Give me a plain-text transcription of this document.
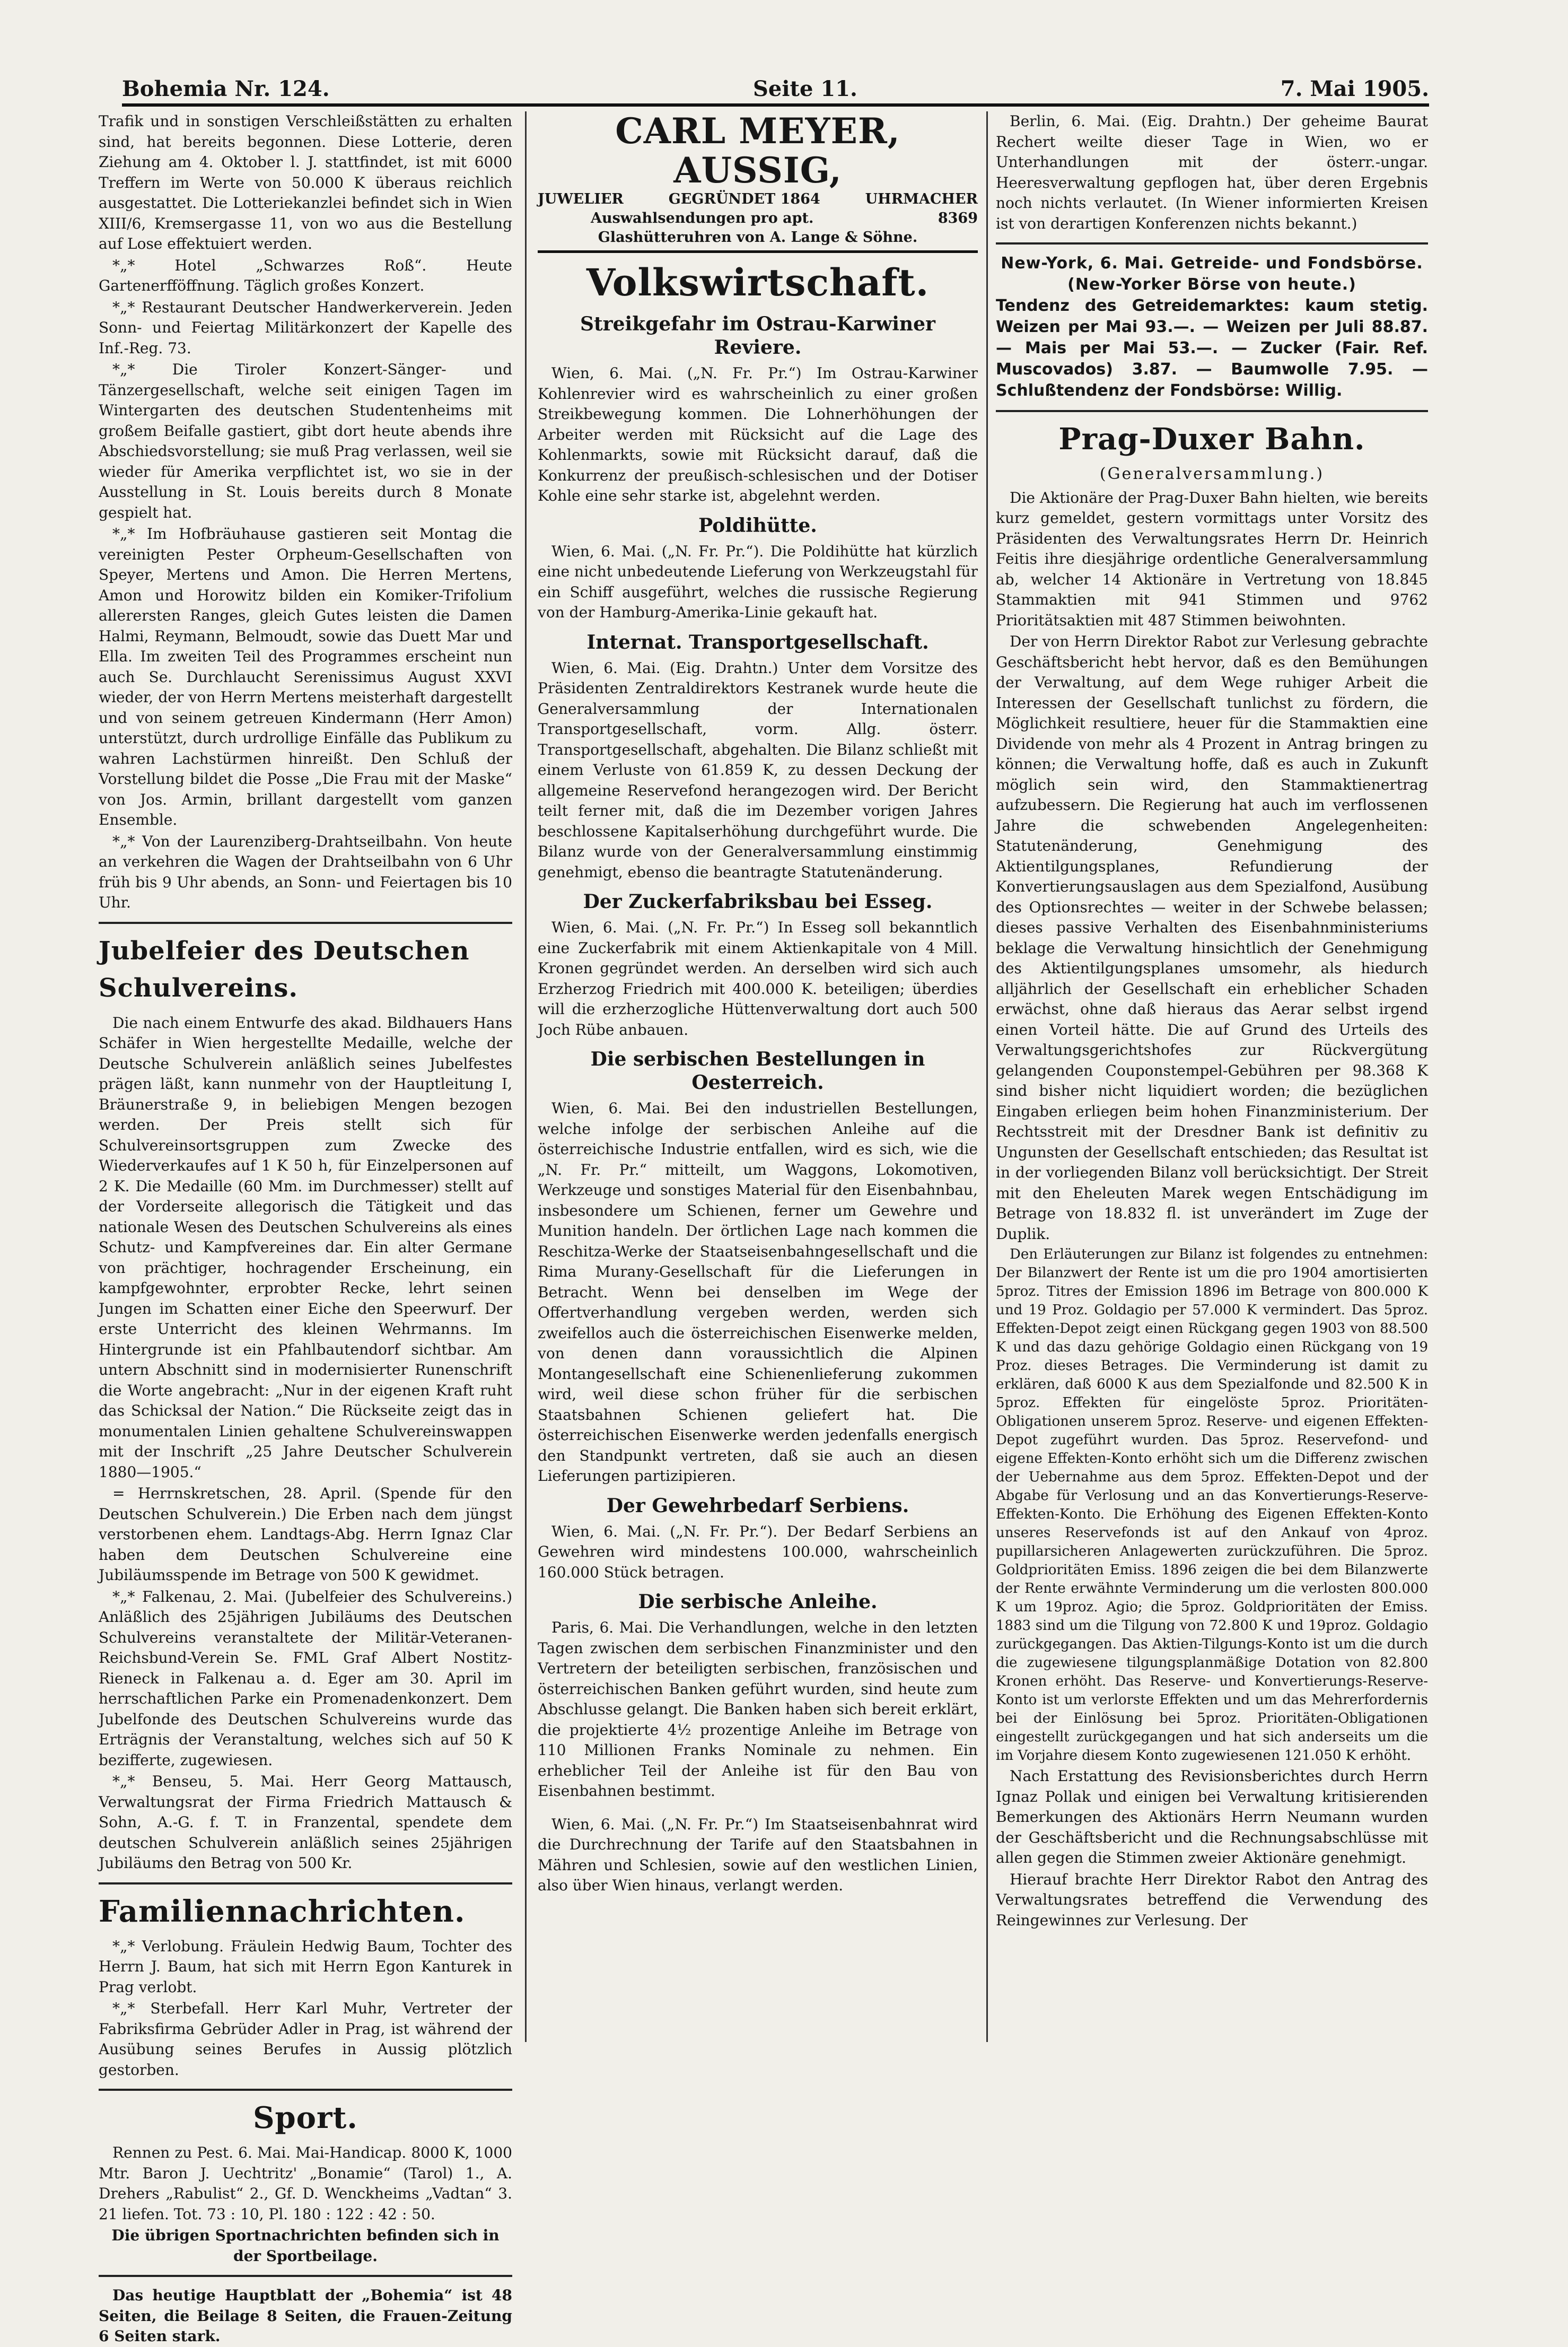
Bohemia Nr. 124.	Seite 11.	7. Mai 1905.

Trafik und in sonstigen Verschleißstätten zu erhalten sind, hat bereits begonnen. Diese Lotterie, deren Ziehung am 4. Oktober l. J. stattfindet, ist mit 6000 Treffern im Werte von 50.000 K überaus reichlich ausgestattet. Die Lotteriekanzlei befindet sich in Wien XIII/6, Kremsergasse 11, von wo aus die Bestellung auf Lose effektuiert werden.

*„* Hotel „Schwarzes Roß“. Heute Gartenerfföffnung. Täglich großes Konzert.

*„* Restaurant Deutscher Handwerkerverein. Jeden Sonn- und Feiertag Militärkonzert der Kapelle des Inf.-Reg. 73.

*„* Die Tiroler Konzert-Sänger- und Tänzergesellschaft, welche seit einigen Tagen im Wintergarten des deutschen Studentenheims mit großem Beifalle gastiert, gibt dort heute abends ihre Abschiedsvorstellung; sie muß Prag verlassen, weil sie wieder für Amerika verpflichtet ist, wo sie in der Ausstellung in St. Louis bereits durch 8 Monate gespielt hat.

*„* Im Hofbräuhause gastieren seit Montag die vereinigten Pester Orpheum-Gesellschaften von Speyer, Mertens und Amon. Die Herren Mertens, Amon und Horowitz bilden ein Komiker-Trifolium allerersten Ranges, gleich Gutes leisten die Damen Halmi, Reymann, Belmoudt, sowie das Duett Mar und Ella. Im zweiten Teil des Programmes erscheint nun auch Se. Durchlaucht Serenissimus August XXVI wieder, der von Herrn Mertens meisterhaft dargestellt und von seinem getreuen Kindermann (Herr Amon) unterstützt, durch urdrollige Einfälle das Publikum zu wahren Lachstürmen hinreißt. Den Schluß der Vorstellung bildet die Posse „Die Frau mit der Maske“ von Jos. Armin, brillant dargestellt vom ganzen Ensemble.

*„* Von der Laurenziberg-Drahtseilbahn. Von heute an verkehren die Wagen der Drahtseilbahn von 6 Uhr früh bis 9 Uhr abends, an Sonn- und Feiertagen bis 10 Uhr.

Jubelfeier des Deutschen Schulvereins.

Die nach einem Entwurfe des akad. Bildhauers Hans Schäfer in Wien hergestellte Medaille, welche der Deutsche Schulverein anläßlich seines Jubelfestes prägen läßt, kann nunmehr von der Hauptleitung I, Bräunerstraße 9, in beliebigen Mengen bezogen werden. Der Preis stellt sich für Schulvereinsortsgruppen zum Zwecke des Wiederverkaufes auf 1 K 50 h, für Einzelpersonen auf 2 K. Die Medaille (60 Mm. im Durchmesser) stellt auf der Vorderseite allegorisch die Tätigkeit und das nationale Wesen des Deutschen Schulvereins als eines Schutz- und Kampfvereines dar. Ein alter Germane von prächtiger, hochragender Erscheinung, ein kampfgewohnter, erprobter Recke, lehrt seinen Jungen im Schatten einer Eiche den Speerwurf. Der erste Unterricht des kleinen Wehrmanns. Im Hintergrunde ist ein Pfahlbautendorf sichtbar. Am untern Abschnitt sind in modernisierter Runenschrift die Worte angebracht: „Nur in der eigenen Kraft ruht das Schicksal der Nation.“ Die Rückseite zeigt das in monumentalen Linien gehaltene Schulvereinswappen mit der Inschrift „25 Jahre Deutscher Schulverein 1880—1905.“

= Herrnskretschen, 28. April. (Spende für den Deutschen Schulverein.) Die Erben nach dem jüngst verstorbenen ehem. Landtags-Abg. Herrn Ignaz Clar haben dem Deutschen Schulvereine eine Jubiläumsspende im Betrage von 500 K gewidmet.

*„* Falkenau, 2. Mai. (Jubelfeier des Schulvereins.) Anläßlich des 25jährigen Jubiläums des Deutschen Schulvereins veranstaltete der Militär-Veteranen-Reichsbund-Verein Se. FML Graf Albert Nostitz-Rieneck in Falkenau a. d. Eger am 30. April im herrschaftlichen Parke ein Promenadenkonzert. Dem Jubelfonde des Deutschen Schulvereins wurde das Erträgnis der Veranstaltung, welches sich auf 50 K bezifferte, zugewiesen.

*„* Benseu, 5. Mai. Herr Georg Mattausch, Verwaltungsrat der Firma Friedrich Mattausch & Sohn, A.-G. f. T. in Franzental, spendete dem deutschen Schulverein anläßlich seines 25jährigen Jubiläums den Betrag von 500 Kr.

Familiennachrichten.

*„* Verlobung. Fräulein Hedwig Baum, Tochter des Herrn J. Baum, hat sich mit Herrn Egon Kanturek in Prag verlobt.

*„* Sterbefall. Herr Karl Muhr, Vertreter der Fabriksfirma Gebrüder Adler in Prag, ist während der Ausübung seines Berufes in Aussig plötzlich gestorben.

Sport.

Rennen zu Pest. 6. Mai. Mai-Handicap. 8000 K, 1000 Mtr. Baron J. Uechtritz' „Bonamie“ (Tarol) 1., A. Drehers „Rabulist“ 2., Gf. D. Wenckheims „Vadtan“ 3. 21 liefen. Tot. 73 : 10, Pl. 180 : 122 : 42 : 50.

Die übrigen Sportnachrichten befinden sich in der Sportbeilage.

Das heutige Hauptblatt der „Bohemia“ ist 48 Seiten, die Beilage 8 Seiten, die Frauen-Zeitung 6 Seiten stark.

CARL MEYER, AUSSIG,
JUWELIER	GEGRÜNDET 1864	UHRMACHER
Auswahlsendungen pro apt.	8369
Glashütteruhren von A. Lange & Söhne.
Volkswirtschaft.
Streikgefahr im Ostrau-Karwiner Reviere.

Wien, 6. Mai. („N. Fr. Pr.“) Im Ostrau-Karwiner Kohlenrevier wird es wahrscheinlich zu einer großen Streikbewegung kommen. Die Lohnerhöhungen der Arbeiter werden mit Rücksicht auf die Lage des Kohlenmarkts, sowie mit Rücksicht darauf, daß die Konkurrenz der preußisch-schlesischen und der Dotiser Kohle eine sehr starke ist, abgelehnt werden.

Poldihütte.

Wien, 6. Mai. („N. Fr. Pr.“). Die Poldihütte hat kürzlich eine nicht unbedeutende Lieferung von Werkzeugstahl für ein Schiff ausgeführt, welches die russische Regierung von der Hamburg-Amerika-Linie gekauft hat.

Internat. Transportgesellschaft.

Wien, 6. Mai. (Eig. Drahtn.) Unter dem Vorsitze des Präsidenten Zentraldirektors Kestranek wurde heute die Generalversammlung der Internationalen Transportgesellschaft, vorm. Allg. österr. Transportgesellschaft, abgehalten. Die Bilanz schließt mit einem Verluste von 61.859 K, zu dessen Deckung der allgemeine Reservefond herangezogen wird. Der Bericht teilt ferner mit, daß die im Dezember vorigen Jahres beschlossene Kapitalserhöhung durchgeführt wurde. Die Bilanz wurde von der Generalversammlung einstimmig genehmigt, ebenso die beantragte Statutenänderung.

Der Zuckerfabriksbau bei Esseg.

Wien, 6. Mai. („N. Fr. Pr.“) In Esseg soll bekanntlich eine Zuckerfabrik mit einem Aktienkapitale von 4 Mill. Kronen gegründet werden. An derselben wird sich auch Erzherzog Friedrich mit 400.000 K. beteiligen; überdies will die erzherzogliche Hüttenverwaltung dort auch 500 Joch Rübe anbauen.

Die serbischen Bestellungen in Oesterreich.

Wien, 6. Mai. Bei den industriellen Bestellungen, welche infolge der serbischen Anleihe auf die österreichische Industrie entfallen, wird es sich, wie die „N. Fr. Pr.“ mitteilt, um Waggons, Lokomotiven, Werkzeuge und sonstiges Material für den Eisenbahnbau, insbesondere um Schienen, ferner um Gewehre und Munition handeln. Der örtlichen Lage nach kommen die Reschitza-Werke der Staatseisenbahngesellschaft und die Rima Murany-Gesellschaft für die Lieferungen in Betracht. Wenn bei denselben im Wege der Offertverhandlung vergeben werden, werden sich zweifellos auch die österreichischen Eisenwerke melden, von denen dann voraussichtlich die Alpinen Montangesellschaft eine Schienenlieferung zukommen wird, weil diese schon früher für die serbischen Staatsbahnen Schienen geliefert hat. Die österreichischen Eisenwerke werden jedenfalls energisch den Standpunkt vertreten, daß sie auch an diesen Lieferungen partizipieren.

Der Gewehrbedarf Serbiens.

Wien, 6. Mai. („N. Fr. Pr.“). Der Bedarf Serbiens an Gewehren wird mindestens 100.000, wahrscheinlich 160.000 Stück betragen.

Die serbische Anleihe.

Paris, 6. Mai. Die Verhandlungen, welche in den letzten Tagen zwischen dem serbischen Finanzminister und den Vertretern der beteiligten serbischen, französischen und österreichischen Banken geführt wurden, sind heute zum Abschlusse gelangt. Die Banken haben sich bereit erklärt, die projektierte 4½ prozentige Anleihe im Betrage von 110 Millionen Franks Nominale zu nehmen. Ein erheblicher Teil der Anleihe ist für den Bau von Eisenbahnen bestimmt.

Wien, 6. Mai. („N. Fr. Pr.“) Im Staatseisenbahnrat wird die Durchrechnung der Tarife auf den Staatsbahnen in Mähren und Schlesien, sowie auf den westlichen Linien, also über Wien hinaus, verlangt werden.

Berlin, 6. Mai. (Eig. Drahtn.) Der geheime Baurat Rechert weilte dieser Tage in Wien, wo er Unterhandlungen mit der österr.-ungar. Heeresverwaltung gepflogen hat, über deren Ergebnis noch nichts verlautet. (In Wiener informierten Kreisen ist von derartigen Konferenzen nichts bekannt.)

New-York, 6. Mai. Getreide- und Fondsbörse. (New-Yorker Börse von heute.)
Tendenz des Getreidemarktes: kaum stetig. Weizen per Mai 93.—. — Weizen per Juli 88.87. — Mais per Mai 53.—. — Zucker (Fair. Ref. Muscovados) 3.87. — Baumwolle 7.95. — Schlußtendenz der Fondsbörse: Willig.
Prag-Duxer Bahn.
(Generalversammlung.)

Die Aktionäre der Prag-Duxer Bahn hielten, wie bereits kurz gemeldet, gestern vormittags unter Vorsitz des Präsidenten des Verwaltungsrates Herrn Dr. Heinrich Feitis ihre diesjährige ordentliche Generalversammlung ab, welcher 14 Aktionäre in Vertretung von 18.845 Stammaktien mit 941 Stimmen und 9762 Prioritätsaktien mit 487 Stimmen beiwohnten.

Der von Herrn Direktor Rabot zur Verlesung gebrachte Geschäftsbericht hebt hervor, daß es den Bemühungen der Verwaltung, auf dem Wege ruhiger Arbeit die Interessen der Gesellschaft tunlichst zu fördern, die Möglichkeit resultiere, heuer für die Stammaktien eine Dividende von mehr als 4 Prozent in Antrag bringen zu können; die Verwaltung hoffe, daß es auch in Zukunft möglich sein wird, den Stammaktienertrag aufzubessern. Die Regierung hat auch im verflossenen Jahre die schwebenden Angelegenheiten: Statutenänderung, Genehmigung des Aktientilgungsplanes, Refundierung der Konvertierungsauslagen aus dem Spezialfond, Ausübung des Optionsrechtes — weiter in der Schwebe belassen; dieses passive Verhalten des Eisenbahnministeriums beklage die Verwaltung hinsichtlich der Genehmigung des Aktientilgungsplanes umsomehr, als hiedurch alljährlich der Gesellschaft ein erheblicher Schaden erwächst, ohne daß hieraus das Aerar selbst irgend einen Vorteil hätte. Die auf Grund des Urteils des Verwaltungsgerichtshofes zur Rückvergütung gelangenden Couponstempel-Gebühren per 98.368 K sind bisher nicht liquidiert worden; die bezüglichen Eingaben erliegen beim hohen Finanzministerium. Der Rechtsstreit mit der Dresdner Bank ist definitiv zu Ungunsten der Gesellschaft entschieden; das Resultat ist in der vorliegenden Bilanz voll berücksichtigt. Der Streit mit den Eheleuten Marek wegen Entschädigung im Betrage von 18.832 fl. ist unverändert im Zuge der Duplik.

Den Erläuterungen zur Bilanz ist folgendes zu entnehmen: Der Bilanzwert der Rente ist um die pro 1904 amortisierten 5proz. Titres der Emission 1896 im Betrage von 800.000 K und 19 Proz. Goldagio per 57.000 K vermindert. Das 5proz. Effekten-Depot zeigt einen Rückgang gegen 1903 von 88.500 K und das dazu gehörige Goldagio einen Rückgang von 19 Proz. dieses Betrages. Die Verminderung ist damit zu erklären, daß 6000 K aus dem Spezialfonde und 82.500 K in 5proz. Effekten für eingelöste 5proz. Prioritäten-Obligationen unserem 5proz. Reserve- und eigenen Effekten-Depot zugeführt wurden. Das 5proz. Reservefond- und eigene Effekten-Konto erhöht sich um die Differenz zwischen der Uebernahme aus dem 5proz. Effekten-Depot und der Abgabe für Verlosung und an das Konvertierungs-Reserve-Effekten-Konto. Die Erhöhung des Eigenen Effekten-Konto unseres Reservefonds ist auf den Ankauf von 4proz. pupillarsicheren Anlagewerten zurückzuführen. Die 5proz. Goldprioritäten Emiss. 1896 zeigen die bei dem Bilanzwerte der Rente erwähnte Verminderung um die verlosten 800.000 K um 19proz. Agio; die 5proz. Goldprioritäten der Emiss. 1883 sind um die Tilgung von 72.800 K und 19proz. Goldagio zurückgegangen. Das Aktien-Tilgungs-Konto ist um die durch die zugewiesene tilgungsplanmäßige Dotation von 82.800 Kronen erhöht. Das Reserve- und Konvertierungs-Reserve-Konto ist um verlorste Effekten und um das Mehrerfordernis bei der Einlösung bei 5proz. Prioritäten-Obligationen eingestellt zurückgegangen und hat sich anderseits um die im Vorjahre diesem Konto zugewiesenen 121.050 K erhöht.

Nach Erstattung des Revisionsberichtes durch Herrn Ignaz Pollak und einigen bei Verwaltung kritisierenden Bemerkungen des Aktionärs Herrn Neumann wurden der Geschäftsbericht und die Rechnungsabschlüsse mit allen gegen die Stimmen zweier Aktionäre genehmigt.

Hierauf brachte Herr Direktor Rabot den Antrag des Verwaltungsrates betreffend die Verwendung des Reingewinnes zur Verlesung. Der
